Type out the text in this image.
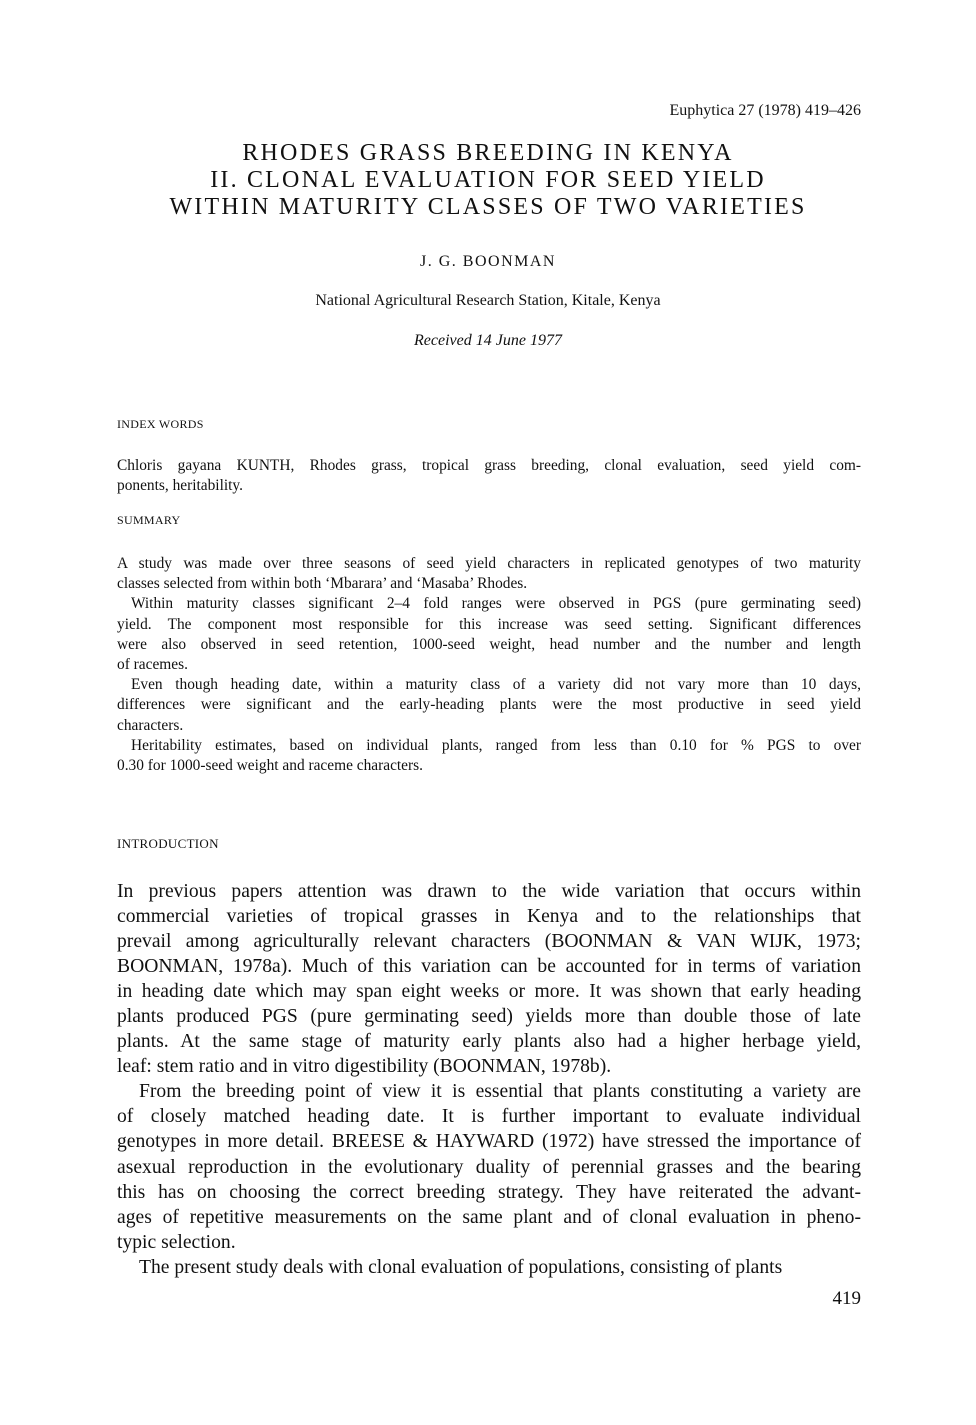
Euphytica 27 (1978) 419–426
RHODES GRASS BREEDING IN KENYA
II. CLONAL EVALUATION FOR SEED YIELD
WITHIN MATURITY CLASSES OF TWO VARIETIES
J. G. BOONMAN
National Agricultural Research Station, Kitale, Kenya
Received 14 June 1977
INDEX WORDS
Chloris gayana KUNTH, Rhodes grass, tropical grass breeding, clonal evaluation, seed yield com-
ponents, heritability.
SUMMARY
A study was made over three seasons of seed yield characters in replicated genotypes of two maturity
classes selected from within both ‘Mbarara’ and ‘Masaba’ Rhodes.
Within maturity classes significant 2–4 fold ranges were observed in PGS (pure germinating seed)
yield. The component most responsible for this increase was seed setting. Significant differences
were also observed in seed retention, 1000-seed weight, head number and the number and length
of racemes.
Even though heading date, within a maturity class of a variety did not vary more than 10 days,
differences were significant and the early-heading plants were the most productive in seed yield
characters.
Heritability estimates, based on individual plants, ranged from less than 0.10 for % PGS to over
0.30 for 1000-seed weight and raceme characters.
INTRODUCTION
In previous papers attention was drawn to the wide variation that occurs within
commercial varieties of tropical grasses in Kenya and to the relationships that
prevail among agriculturally relevant characters (BOONMAN & VAN WIJK, 1973;
BOONMAN, 1978a). Much of this variation can be accounted for in terms of variation
in heading date which may span eight weeks or more. It was shown that early heading
plants produced PGS (pure germinating seed) yields more than double those of late
plants. At the same stage of maturity early plants also had a higher herbage yield,
leaf: stem ratio and in vitro digestibility (BOONMAN, 1978b).
From the breeding point of view it is essential that plants constituting a variety are
of closely matched heading date. It is further important to evaluate individual
genotypes in more detail. BREESE & HAYWARD (1972) have stressed the importance of
asexual reproduction in the evolutionary duality of perennial grasses and the bearing
this has on choosing the correct breeding strategy. They have reiterated the advant-
ages of repetitive measurements on the same plant and of clonal evaluation in pheno-
typic selection.
The present study deals with clonal evaluation of populations, consisting of plants
419
